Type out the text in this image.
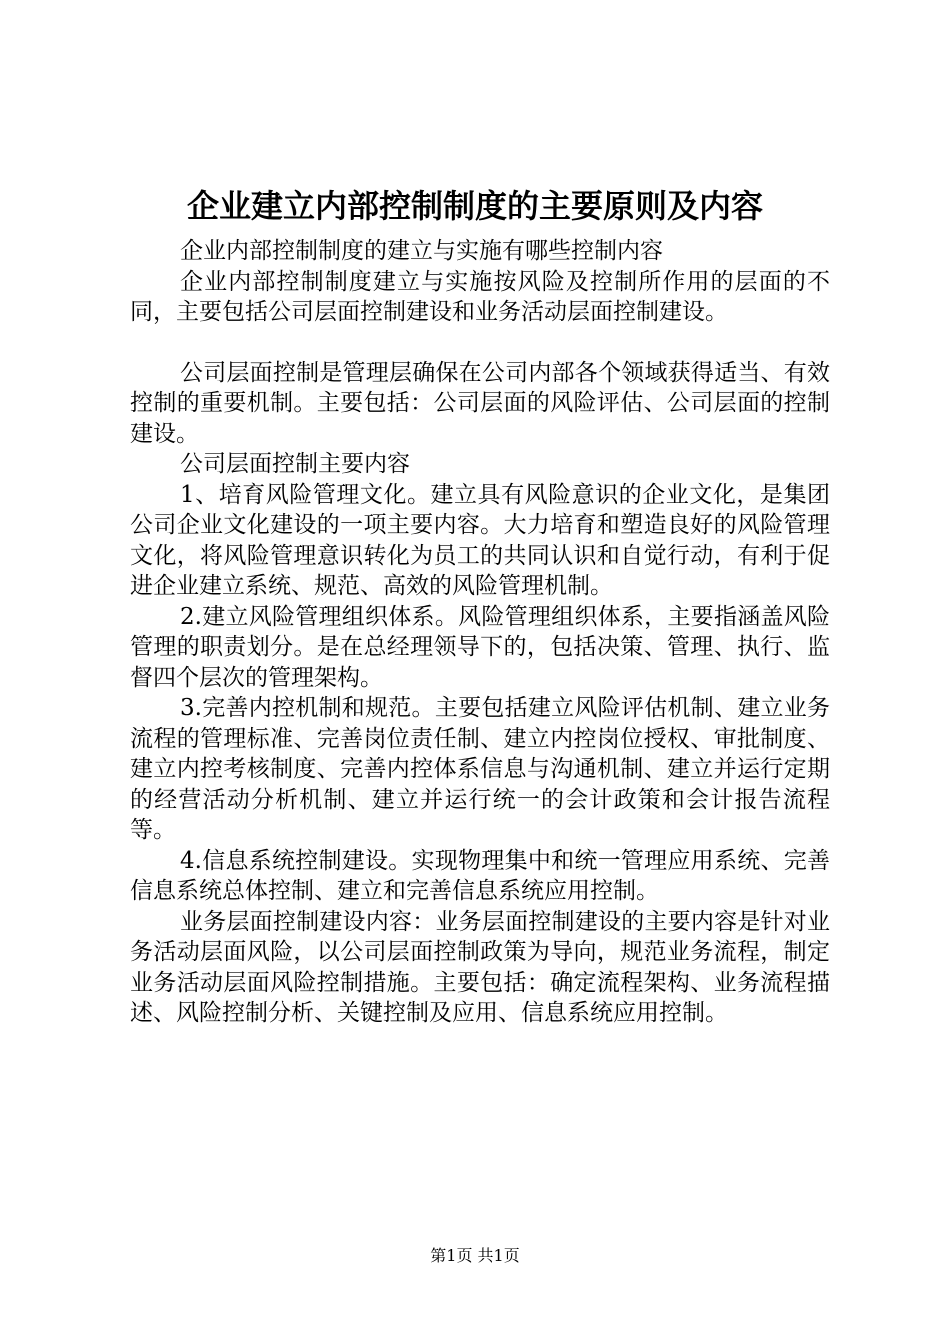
企业建立内部控制制度的主要原则及内容

企业内部控制制度的建立与实施有哪些控制内容

企业内部控制制度建立与实施按风险及控制所作用的层面的不同，主要包括公司层面控制建设和业务活动层面控制建设。

公司层面控制是管理层确保在公司内部各个领域获得适当、有效控制的重要机制。主要包括：公司层面的风险评估、公司层面的控制建设。

公司层面控制主要内容

1、培育风险管理文化。建立具有风险意识的企业文化，是集团公司企业文化建设的一项主要内容。大力培育和塑造良好的风险管理文化，将风险管理意识转化为员工的共同认识和自觉行动，有利于促进企业建立系统、规范、高效的风险管理机制。

2.建立风险管理组织体系。风险管理组织体系，主要指涵盖风险管理的职责划分。是在总经理领导下的，包括决策、管理、执行、监督四个层次的管理架构。

3.完善内控机制和规范。主要包括建立风险评估机制、建立业务流程的管理标准、完善岗位责任制、建立内控岗位授权、审批制度、建立内控考核制度、完善内控体系信息与沟通机制、建立并运行定期的经营活动分析机制、建立并运行统一的会计政策和会计报告流程等。

4.信息系统控制建设。实现物理集中和统一管理应用系统、完善信息系统总体控制、建立和完善信息系统应用控制。

业务层面控制建设内容：业务层面控制建设的主要内容是针对业务活动层面风险，以公司层面控制政策为导向，规范业务流程，制定业务活动层面风险控制措施。主要包括：确定流程架构、业务流程描述、风险控制分析、关键控制及应用、信息系统应用控制。

第1页 共1页
